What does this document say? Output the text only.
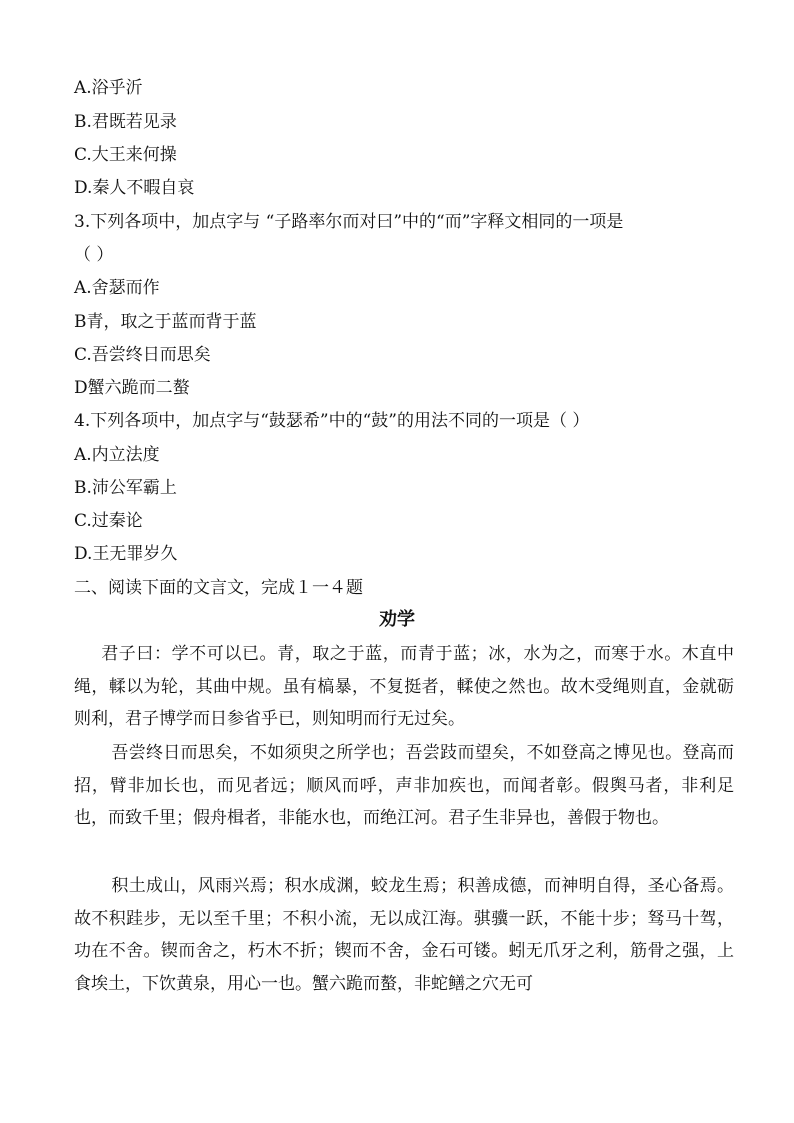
A.浴乎沂
B.君既若见录
C.大王来何操
D.秦人不暇自哀
3.下列各项中，加点字与 “子路率尔而对曰”中的“而”字释文相同的一项是
（ ）
A.舍瑟而作
B青，取之于蓝而背于蓝
C.吾尝终日而思矣
D蟹六跪而二螯
4.下列各项中，加点字与“鼓瑟希”中的“鼓”的用法不同的一项是（ ）
A.内立法度
B.沛公军霸上
C.过秦论
D.王无罪岁久
二、阅读下面的文言文，完成１一４题
劝学
君子曰：学不可以已。青，取之于蓝，而青于蓝；冰，水为之，而寒于水。木直中绳，輮以为轮，其曲中规。虽有槁暴，不复挺者，輮使之然也。故木受绳则直，金就砺则利，君子博学而日参省乎已，则知明而行无过矣。
吾尝终日而思矣，不如须臾之所学也；吾尝跂而望矣，不如登高之博见也。登高而招，臂非加长也，而见者远；顺风而呼，声非加疾也，而闻者彰。假舆马者，非利足也，而致千里；假舟楫者，非能水也，而绝江河。君子生非异也，善假于物也。
积土成山，风雨兴焉；积水成渊，蛟龙生焉；积善成德，而神明自得，圣心备焉。故不积跬步，无以至千里；不积小流，无以成江海。骐骥一跃，不能十步；驽马十驾，功在不舍。锲而舍之，朽木不折；锲而不舍，金石可镂。蚓无爪牙之利，筋骨之强，上食埃土，下饮黄泉，用心一也。蟹六跪而螯，非蛇鳝之穴无可
